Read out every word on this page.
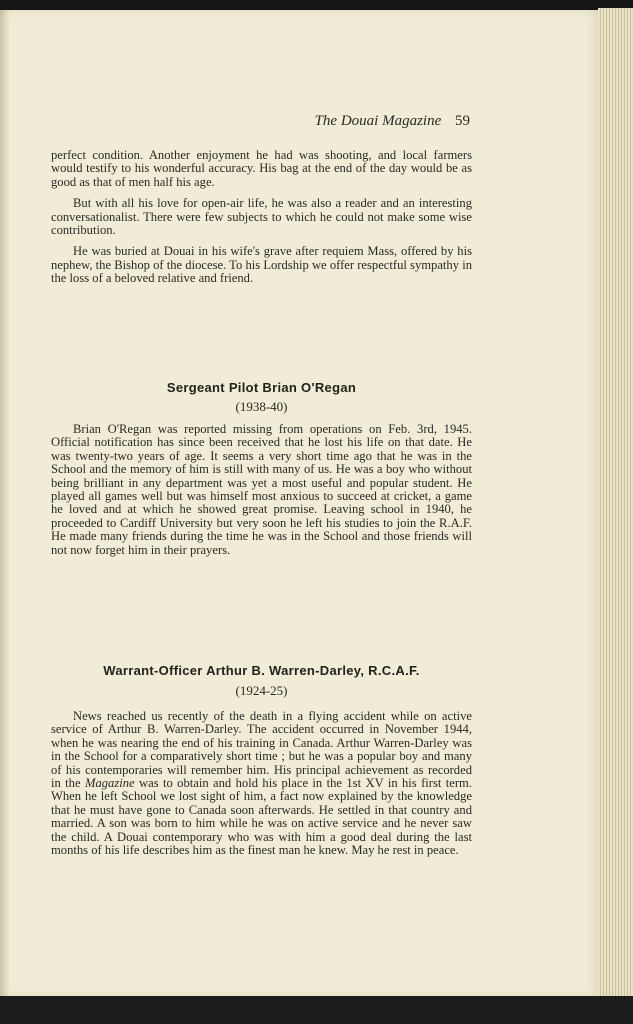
The Douai Magazine 59

perfect condition. Another enjoyment he had was shooting, and local farmers would testify to his wonderful accuracy. His bag at the end of the day would be as good as that of men half his age.

But with all his love for open-air life, he was also a reader and an interesting conversationalist. There were few subjects to which he could not make some wise contribution.

He was buried at Douai in his wife's grave after requiem Mass, offered by his nephew, the Bishop of the diocese. To his Lordship we offer respectful sympathy in the loss of a beloved relative and friend.

Sergeant Pilot Brian O'Regan
(1938-40)

Brian O'Regan was reported missing from operations on Feb. 3rd, 1945. Official notification has since been received that he lost his life on that date. He was twenty-two years of age. It seems a very short time ago that he was in the School and the memory of him is still with many of us. He was a boy who without being brilliant in any department was yet a most useful and popular student. He played all games well but was himself most anxious to succeed at cricket, a game he loved and at which he showed great promise. Leaving school in 1940, he proceeded to Cardiff University but very soon he left his studies to join the R.A.F. He made many friends during the time he was in the School and those friends will not now forget him in their prayers.

Warrant-Officer Arthur B. Warren-Darley, R.C.A.F.
(1924-25)

News reached us recently of the death in a flying accident while on active service of Arthur B. Warren-Darley. The accident occurred in November 1944, when he was nearing the end of his training in Canada. Arthur Warren-Darley was in the School for a comparatively short time ; but he was a popular boy and many of his contemporaries will remember him. His principal achievement as recorded in the Magazine was to obtain and hold his place in the 1st XV in his first term. When he left School we lost sight of him, a fact now explained by the knowledge that he must have gone to Canada soon afterwards. He settled in that country and married. A son was born to him while he was on active service and he never saw the child. A Douai contemporary who was with him a good deal during the last months of his life describes him as the finest man he knew. May he rest in peace.
